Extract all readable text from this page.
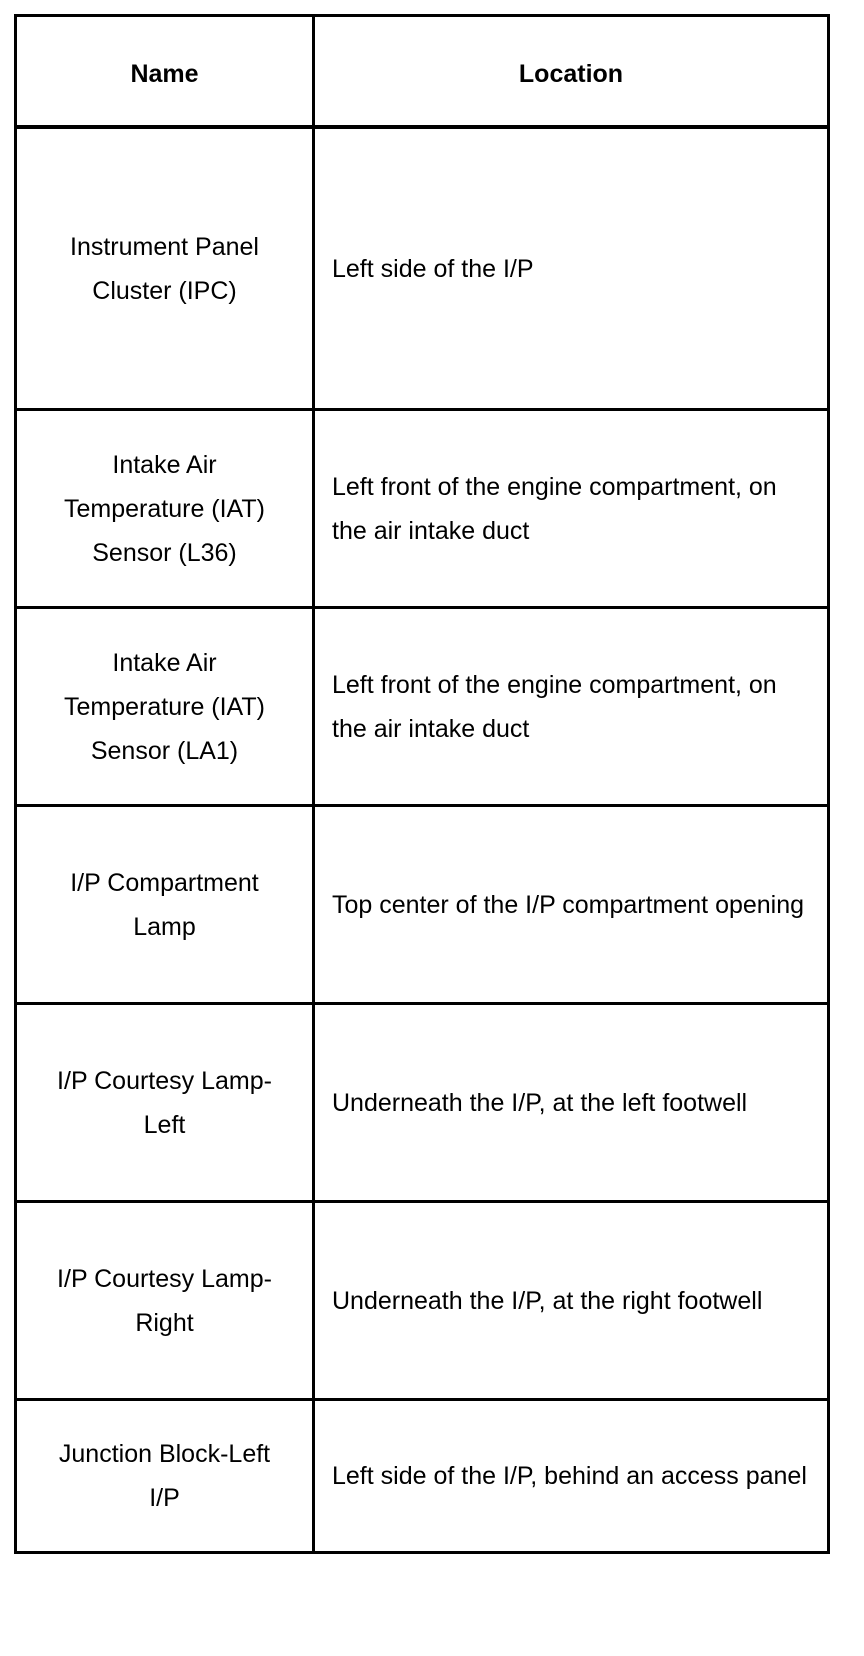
Name	Location
Instrument Panel Cluster (IPC)	Left side of the I/P
Intake Air Temperature (IAT) Sensor (L36)	Left front of the engine compartment, on the air intake duct
Intake Air Temperature (IAT) Sensor (LA1)	Left front of the engine compartment, on the air intake duct
I/P Compartment Lamp	Top center of the I/P compartment opening
I/P Courtesy Lamp-Left	Underneath the I/P, at the left footwell
I/P Courtesy Lamp-Right	Underneath the I/P, at the right footwell
Junction Block-Left I/P	Left side of the I/P, behind an access panel
